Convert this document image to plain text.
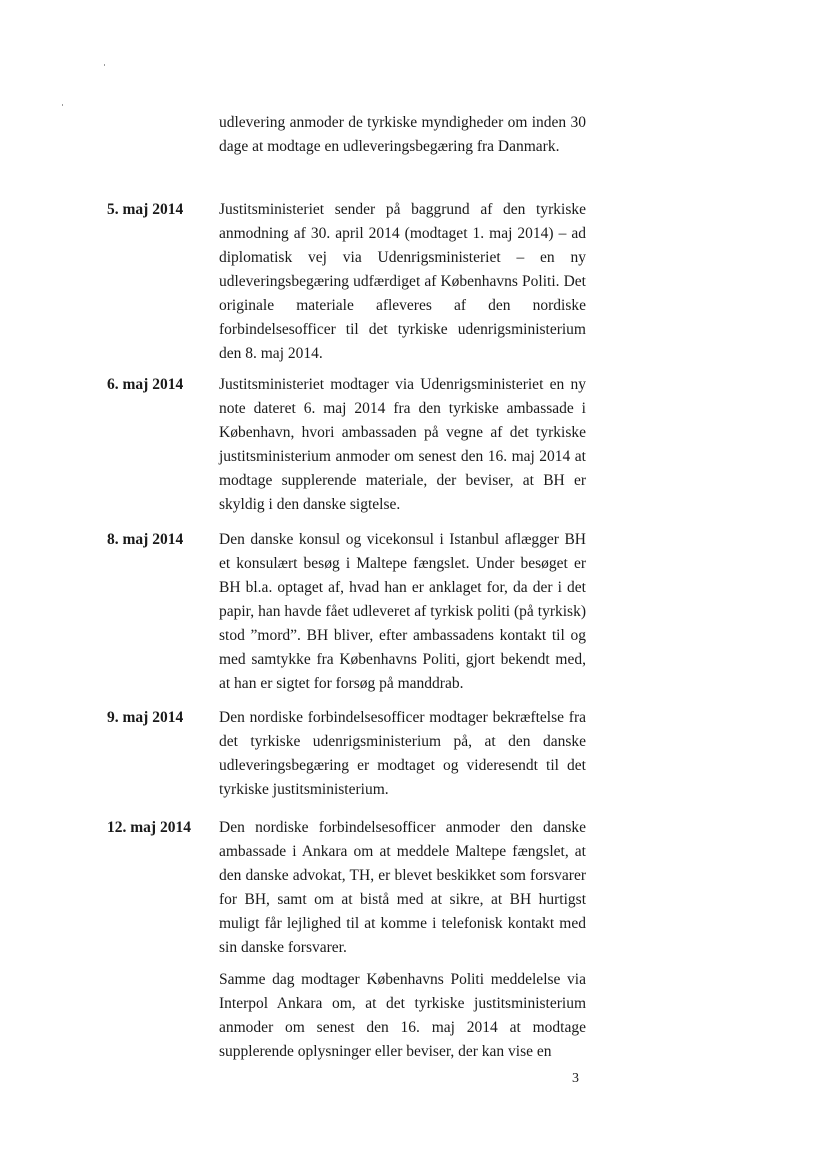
udlevering anmoder de tyrkiske myndigheder om inden 30 dage at modtage en udleveringsbegæring fra Danmark.
5. maj 2014 Justitsministeriet sender på baggrund af den tyrkiske anmodning af 30. april 2014 (modtaget 1. maj 2014) – ad diplomatisk vej via Udenrigsministeriet – en ny udleveringsbegæring udfærdiget af Københavns Politi. Det originale materiale afleveres af den nordiske forbindelsesofficer til det tyrkiske udenrigsministerium den 8. maj 2014.
6. maj 2014 Justitsministeriet modtager via Udenrigsministeriet en ny note dateret 6. maj 2014 fra den tyrkiske ambassade i København, hvori ambassaden på vegne af det tyrkiske justitsministerium anmoder om senest den 16. maj 2014 at modtage supplerende materiale, der beviser, at BH er skyldig i den danske sigtelse.
8. maj 2014 Den danske konsul og vicekonsul i Istanbul aflægger BH et konsulært besøg i Maltepe fængslet. Under besøget er BH bl.a. optaget af, hvad han er anklaget for, da der i det papir, han havde fået udleveret af tyrkisk politi (på tyrkisk) stod ”mord”. BH bliver, efter ambassadens kontakt til og med samtykke fra Københavns Politi, gjort bekendt med, at han er sigtet for forsøg på manddrab.
9. maj 2014 Den nordiske forbindelsesofficer modtager bekræftelse fra det tyrkiske udenrigsministerium på, at den danske udleveringsbegæring er modtaget og videresendt til det tyrkiske justitsministerium.
12. maj 2014 Den nordiske forbindelsesofficer anmoder den danske ambassade i Ankara om at meddele Maltepe fængslet, at den danske advokat, TH, er blevet beskikket som forsvarer for BH, samt om at bistå med at sikre, at BH hurtigst muligt får lejlighed til at komme i telefonisk kontakt med sin danske forsvarer.
Samme dag modtager Københavns Politi meddelelse via Interpol Ankara om, at det tyrkiske justitsministerium anmoder om senest den 16. maj 2014 at modtage supplerende oplysninger eller beviser, der kan vise en
3
